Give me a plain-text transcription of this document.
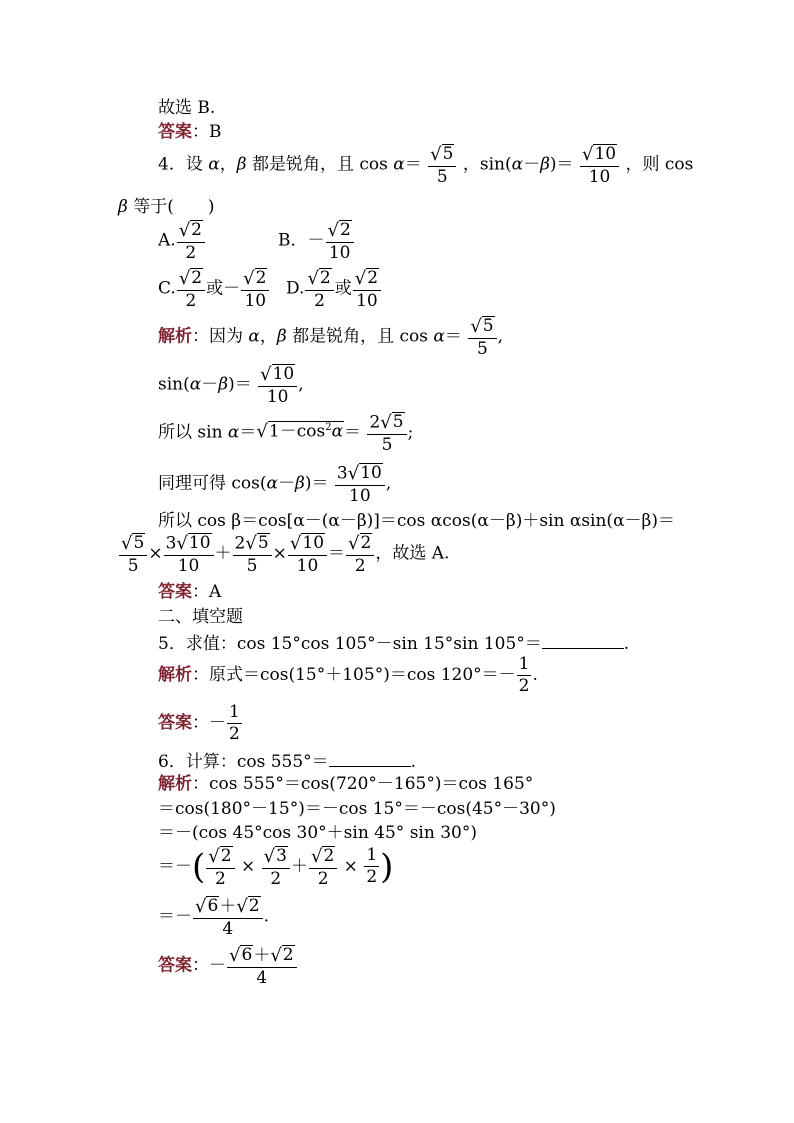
故选 B.
答案：B
4．设 α，β 都是锐角，且 $\cos \alpha= \frac{√ 5}{5}$ ，$\sin(\alpha-\beta)= \frac{√ 10}{10}$ ，则 cos
β 等于( )
A. $\frac{√ 2}{2}$	B．－ $\frac{√ 2}{10}$
C. $\frac{√ 2}{2}$ 或－ $\frac{√ 2}{10} D$. $\frac{√ 2}{2}$ 或 $\frac{√ 2}{10}$
解析：因为 α，β 都是锐角，且 $\cos \alpha= \frac{√ 5}{5}$ ,
$\sin(\alpha-\beta)= \frac{√ 10}{10}$ ,
所以 sin α＝ √ $1-\cos^2\alpha = \frac{2 √ 5}{5}$ ;
同理可得 $\cos(\alpha-\beta)= \frac{3 √ 10}{10}$ ,
所以 cos β＝cos[α－(α－β)]＝cos αcos(α－β)＋sin αsin(α－β)＝
$\frac{√ 5}{5} \times \frac{3 √ 10}{10} + \frac{2 √ 5}{5} \times \frac{√ 10}{10} = \frac{√ 2}{2}$ ，故选 A.
答案：A
二、填空题
5．求值：cos 15°cos 105°－sin 15°sin 105°＝	.
解析：原式＝cos(15°＋105°)＝cos $120^\circ=- \frac{1}{2}$ .
答案：－ $\frac{1}{2}$
6．计算：cos 555°＝	.
解析：cos 555°＝cos(720°－165°)＝cos 165°
＝cos(180°－15°)＝－cos 15°＝－cos(45°－30°)
＝－(cos 45°cos 30°＋sin 45° sin 30°)
＝－( $\frac{√ 2}{2} \times \frac{√ 3}{2} + \frac{√ 2}{2} \times \frac{1}{2}$ )
＝－ $\frac{√ 6 + √ 2}{4}$ .
答案：－ $\frac{√ 6 + √ 2}{4}$
